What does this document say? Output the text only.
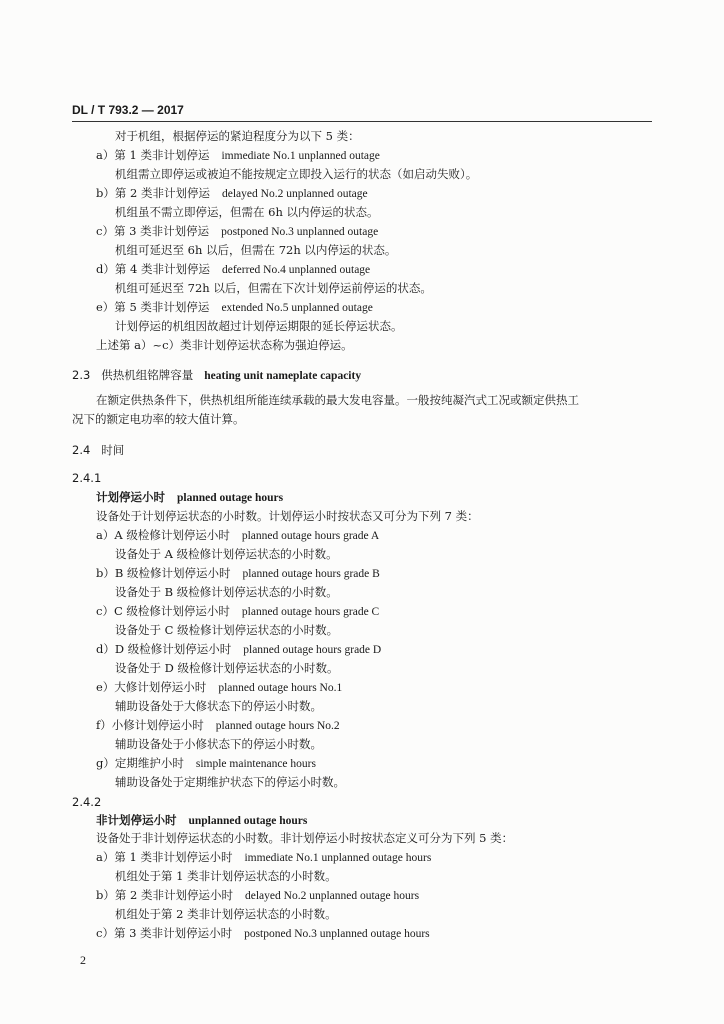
DL / T 793.2 — 2017
对于机组，根据停运的紧迫程度分为以下 5 类：
a）第 1 类非计划停运 immediate No.1 unplanned outage
机组需立即停运或被迫不能按规定立即投入运行的状态（如启动失败）。
b）第 2 类非计划停运 delayed No.2 unplanned outage
机组虽不需立即停运，但需在 6h 以内停运的状态。
c）第 3 类非计划停运 postponed No.3 unplanned outage
机组可延迟至 6h 以后，但需在 72h 以内停运的状态。
d）第 4 类非计划停运 deferred No.4 unplanned outage
机组可延迟至 72h 以后，但需在下次计划停运前停运的状态。
e）第 5 类非计划停运 extended No.5 unplanned outage
计划停运的机组因故超过计划停运期限的延长停运状态。
上述第 a）~c）类非计划停运状态称为强迫停运。
2.3 供热机组铭牌容量 heating unit nameplate capacity
在额定供热条件下，供热机组所能连续承载的最大发电容量。一般按纯凝汽式工况或额定供热工
况下的额定电功率的较大值计算。
2.4 时间
2.4.1
计划停运小时 planned outage hours
设备处于计划停运状态的小时数。计划停运小时按状态又可分为下列 7 类：
a）A 级检修计划停运小时 planned outage hours grade A
设备处于 A 级检修计划停运状态的小时数。
b）B 级检修计划停运小时 planned outage hours grade B
设备处于 B 级检修计划停运状态的小时数。
c）C 级检修计划停运小时 planned outage hours grade C
设备处于 C 级检修计划停运状态的小时数。
d）D 级检修计划停运小时 planned outage hours grade D
设备处于 D 级检修计划停运状态的小时数。
e）大修计划停运小时 planned outage hours No.1
辅助设备处于大修状态下的停运小时数。
f）小修计划停运小时 planned outage hours No.2
辅助设备处于小修状态下的停运小时数。
g）定期维护小时 simple maintenance hours
辅助设备处于定期维护状态下的停运小时数。
2.4.2
非计划停运小时 unplanned outage hours
设备处于非计划停运状态的小时数。非计划停运小时按状态定义可分为下列 5 类：
a）第 1 类非计划停运小时 immediate No.1 unplanned outage hours
机组处于第 1 类非计划停运状态的小时数。
b）第 2 类非计划停运小时 delayed No.2 unplanned outage hours
机组处于第 2 类非计划停运状态的小时数。
c）第 3 类非计划停运小时 postponed No.3 unplanned outage hours
2
